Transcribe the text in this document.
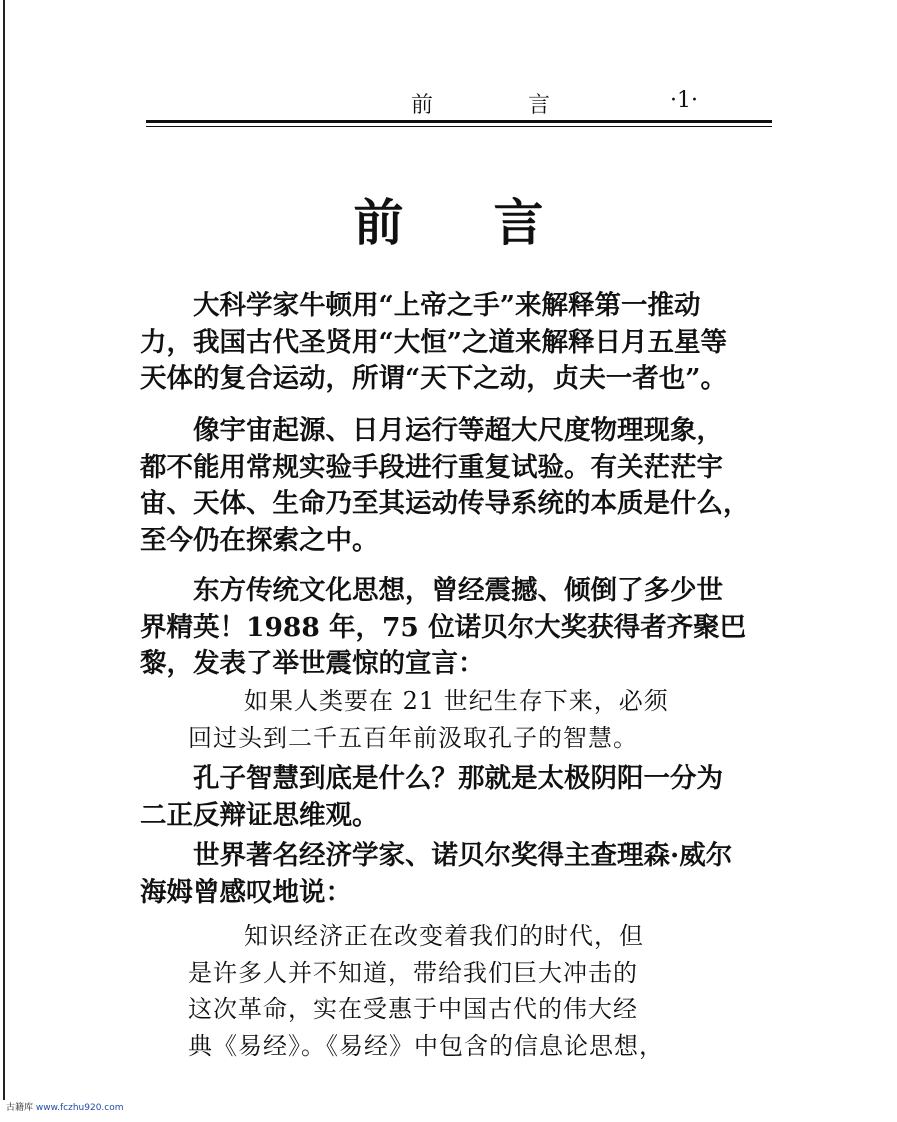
前 言	·1·
前言
大科学家牛顿用“上帝之手”来解释第一推动
力，我国古代圣贤用“大恒”之道来解释日月五星等
天体的复合运动，所谓“天下之动，贞夫一者也”。
像宇宙起源、日月运行等超大尺度物理现象，
都不能用常规实验手段进行重复试验。有关茫茫宇
宙、天体、生命乃至其运动传导系统的本质是什么，
至今仍在探索之中。
东方传统文化思想，曾经震撼、倾倒了多少世
界精英！1988 年，75 位诺贝尔大奖获得者齐聚巴
黎，发表了举世震惊的宣言：
如果人类要在 21 世纪生存下来，必须
回过头到二千五百年前汲取孔子的智慧。
孔子智慧到底是什么？那就是太极阴阳一分为
二正反辩证思维观。
世界著名经济学家、诺贝尔奖得主查理森·威尔
海姆曾感叹地说：
知识经济正在改变着我们的时代，但
是许多人并不知道，带给我们巨大冲击的
这次革命，实在受惠于中国古代的伟大经
典《易经》。《易经》中包含的信息论思想，
古籍库 www.fczhu920.com
